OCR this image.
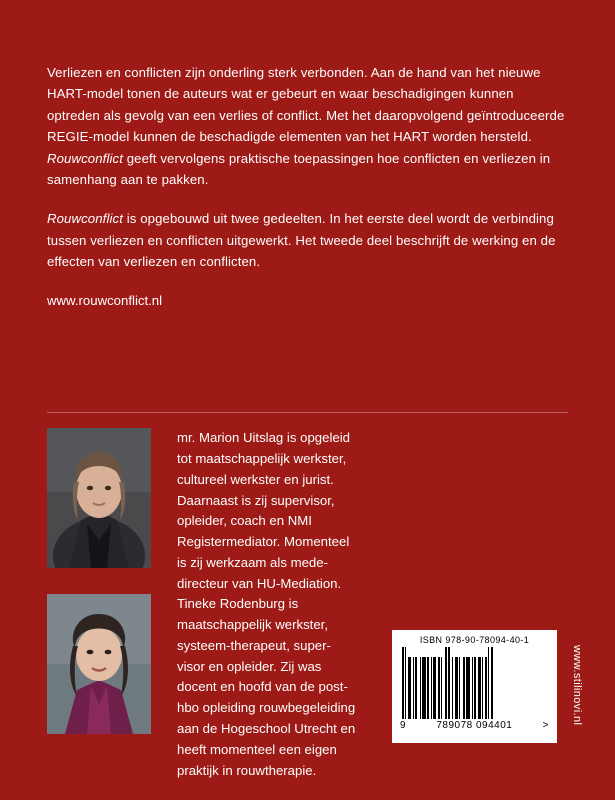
Verliezen en conflicten zijn onderling sterk verbonden. Aan de hand van het nieuwe HART-model tonen de auteurs wat er gebeurt en waar beschadigingen kunnen optreden als gevolg van een verlies of conflict. Met het daaropvolgend geïntroduceerde REGIE-model kunnen de beschadigde elementen van het HART worden hersteld. Rouwconflict geeft vervolgens praktische toepassingen hoe conflicten en verliezen in samenhang aan te pakken.

Rouwconflict is opgebouwd uit twee gedeelten. In het eerste deel wordt de verbinding tussen verliezen en conflicten uitgewerkt. Het tweede deel beschrijft de werking en de effecten van verliezen en conflicten.

www.rouwconflict.nl

mr. Marion Uitslag is opgeleid tot maatschappelijk werkster, cultureel werkster en jurist. Daarnaast is zij supervisor, opleider, coach en NMI Registermediator. Momenteel is zij werkzaam als mede-directeur van HU-Mediation.
Tineke Rodenburg is maatschappelijk werkster, systeem-therapeut, super-visor en opleider. Zij was docent en hoofd van de post-hbo opleiding rouwbegeleiding aan de Hogeschool Utrecht en heeft momenteel een eigen praktijk in rouwtherapie.
ISBN 978-90-78094-40-1
9	789078 094401	>
www.stilinovi.nl
